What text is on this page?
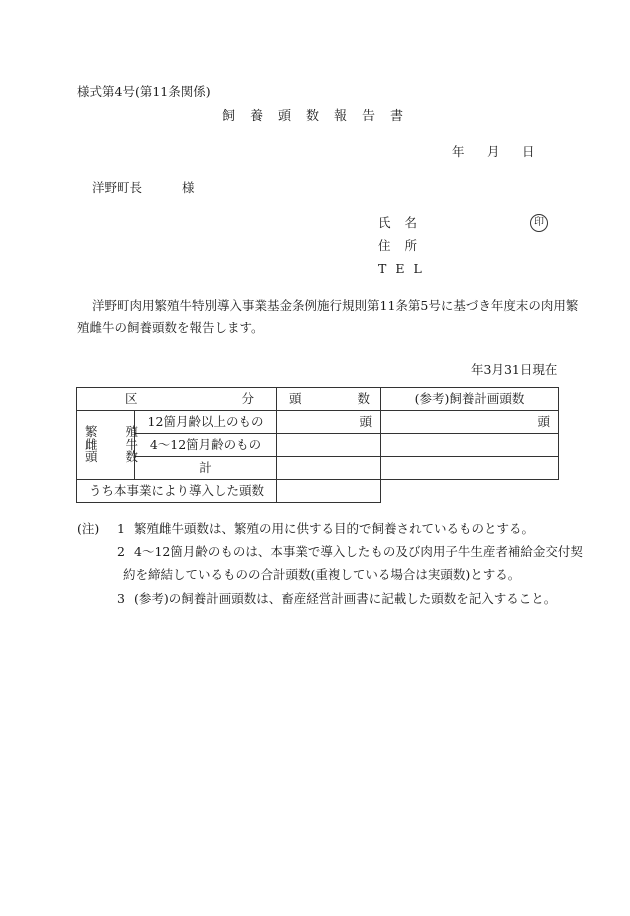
様式第4号(第11条関係)
飼養頭数報告書
年 月 日
洋野町長	様
氏名	印
住所
TEL
洋野町肉用繁殖牛特別導入事業基金条例施行規則第11条第5号に基づき年度末の肉用繁
殖雌牛の飼養頭数を報告します。
年3月31日現在
区 分		頭 数	(参考)飼養計画頭数

繁 殖
雌 牛
頭 数	12箇月齢以上のもの	頭	頭
	4〜12箇月齢のもの		
	計		
うち本事業により導入した頭数			
(注) 1 繁殖雌牛頭数は、繁殖の用に供する目的で飼養されているものとする。
2 4〜12箇月齢のものは、本事業で導入したもの及び肉用子牛生産者補給金交付契
約を締結しているものの合計頭数(重複している場合は実頭数)とする。
3 (参考)の飼養計画頭数は、畜産経営計画書に記載した頭数を記入すること。
